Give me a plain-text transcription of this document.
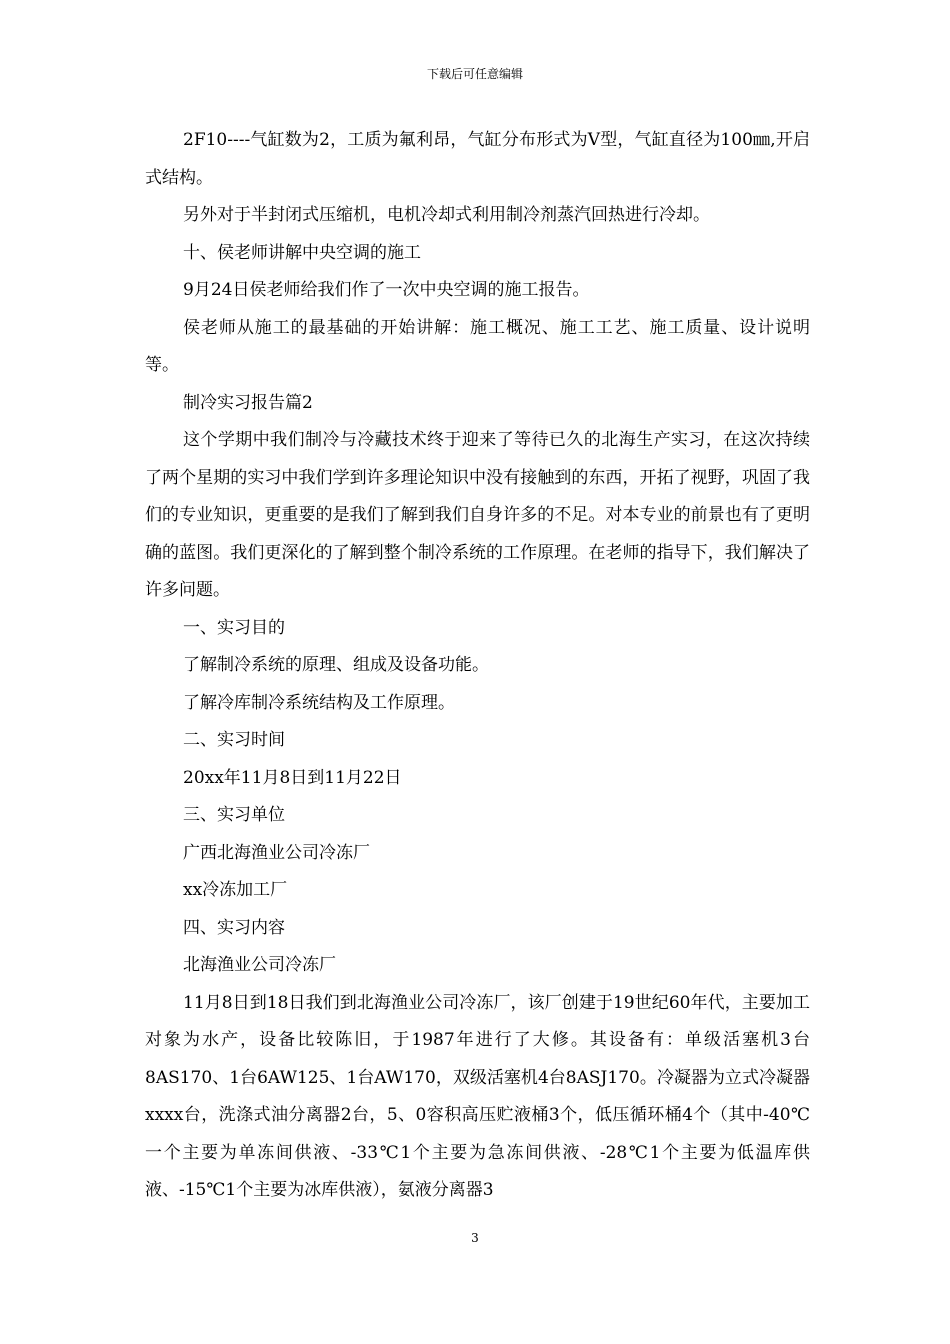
下载后可任意编辑

2F10----气缸数为2，工质为氟利昂，气缸分布形式为V型，气缸直径为100㎜,开启式结构。

另外对于半封闭式压缩机，电机冷却式利用制冷剂蒸汽回热进行冷却。

十、侯老师讲解中央空调的施工

9月24日侯老师给我们作了一次中央空调的施工报告。

侯老师从施工的最基础的开始讲解：施工概况、施工工艺、施工质量、设计说明等。

制冷实习报告篇2

这个学期中我们制冷与冷藏技术终于迎来了等待已久的北海生产实习，在这次持续了两个星期的实习中我们学到许多理论知识中没有接触到的东西，开拓了视野，巩固了我们的专业知识，更重要的是我们了解到我们自身许多的不足。对本专业的前景也有了更明确的蓝图。我们更深化的了解到整个制冷系统的工作原理。在老师的指导下，我们解决了许多问题。

一、实习目的

了解制冷系统的原理、组成及设备功能。

了解冷库制冷系统结构及工作原理。

二、实习时间

20xx年11月8日到11月22日

三、实习单位

广西北海渔业公司冷冻厂

xx冷冻加工厂

四、实习内容

北海渔业公司冷冻厂

11月8日到18日我们到北海渔业公司冷冻厂，该厂创建于19世纪60年代，主要加工对象为水产，设备比较陈旧，于1987年进行了大修。其设备有：单级活塞机3台8AS170、1台6AW125、1台AW170，双级活塞机4台8ASJ170。冷凝器为立式冷凝器xxxx台，洗涤式油分离器2台，5、0容积高压贮液桶3个，低压循环桶4个（其中-40℃一个主要为单冻间供液、-33℃1个主要为急冻间供液、-28℃1个主要为低温库供液、-15℃1个主要为冰库供液），氨液分离器3

3
